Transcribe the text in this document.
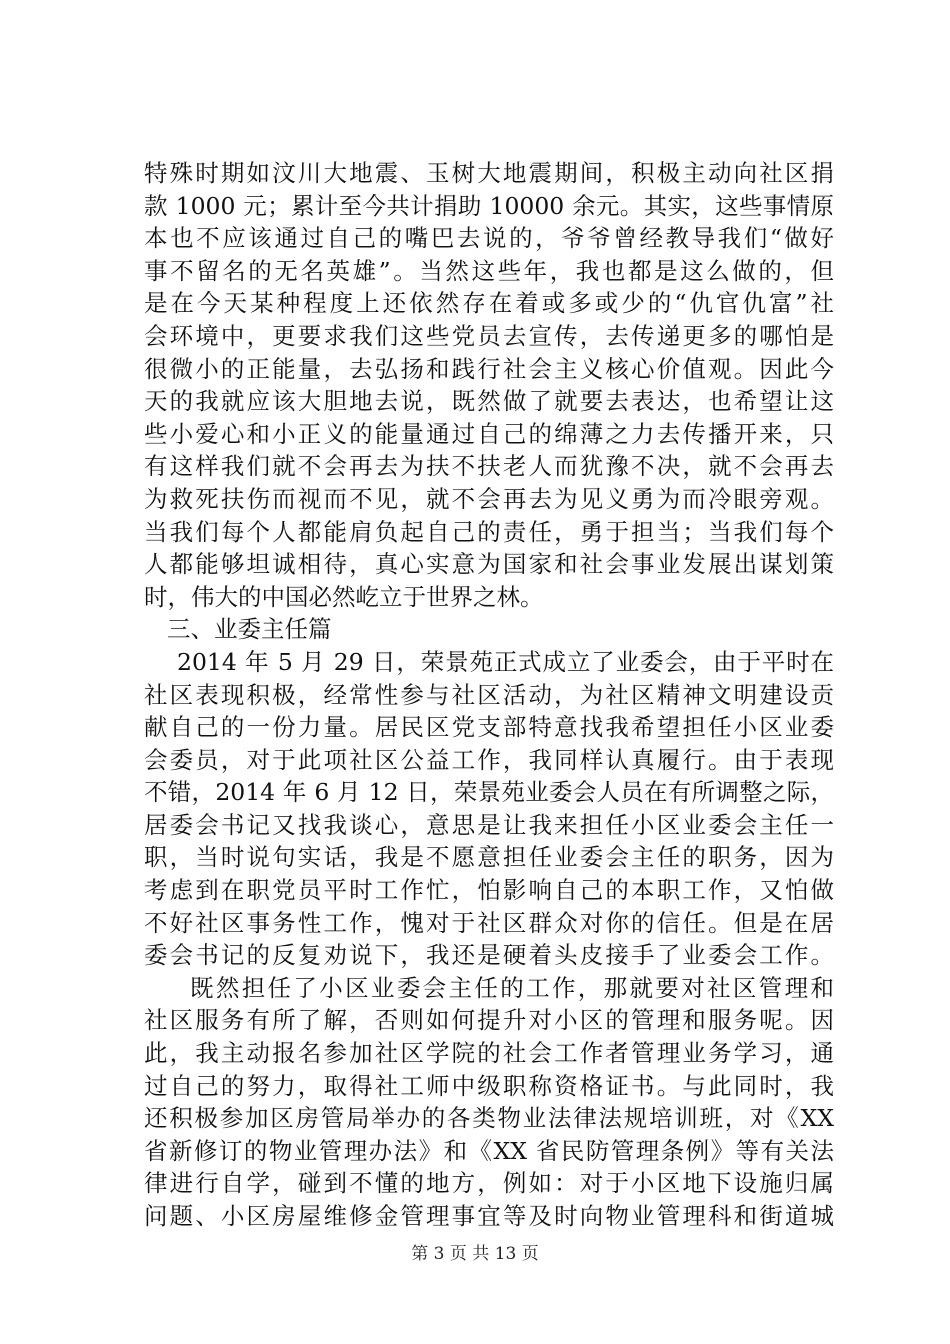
特殊时期如汶川大地震、玉树大地震期间，积极主动向社区捐
款 1000 元；累计至今共计捐助 10000 余元。其实，这些事情原
本也不应该通过自己的嘴巴去说的，爷爷曾经教导我们“做好
事不留名的无名英雄”。当然这些年，我也都是这么做的，但
是在今天某种程度上还依然存在着或多或少的“仇官仇富”社
会环境中，更要求我们这些党员去宣传，去传递更多的哪怕是
很微小的正能量，去弘扬和践行社会主义核心价值观。因此今
天的我就应该大胆地去说，既然做了就要去表达，也希望让这
些小爱心和小正义的能量通过自己的绵薄之力去传播开来，只
有这样我们就不会再去为扶不扶老人而犹豫不决，就不会再去
为救死扶伤而视而不见，就不会再去为见义勇为而冷眼旁观。
当我们每个人都能肩负起自己的责任，勇于担当；当我们每个
人都能够坦诚相待，真心实意为国家和社会事业发展出谋划策
时，伟大的中国必然屹立于世界之林。
三、业委主任篇
2014 年 5 月 29 日，荣景苑正式成立了业委会，由于平时在
社区表现积极，经常性参与社区活动，为社区精神文明建设贡
献自己的一份力量。居民区党支部特意找我希望担任小区业委
会委员，对于此项社区公益工作，我同样认真履行。由于表现
不错，2014 年 6 月 12 日，荣景苑业委会人员在有所调整之际，
居委会书记又找我谈心，意思是让我来担任小区业委会主任一
职，当时说句实话，我是不愿意担任业委会主任的职务，因为
考虑到在职党员平时工作忙，怕影响自己的本职工作，又怕做
不好社区事务性工作，愧对于社区群众对你的信任。但是在居
委会书记的反复劝说下，我还是硬着头皮接手了业委会工作。
既然担任了小区业委会主任的工作，那就要对社区管理和
社区服务有所了解，否则如何提升对小区的管理和服务呢。因
此，我主动报名参加社区学院的社会工作者管理业务学习，通
过自己的努力，取得社工师中级职称资格证书。与此同时，我
还积极参加区房管局举办的各类物业法律法规培训班，对《XX
省新修订的物业管理办法》和《XX 省民防管理条例》等有关法
律进行自学，碰到不懂的地方，例如：对于小区地下设施归属
问题、小区房屋维修金管理事宜等及时向物业管理科和街道城
第 3 页 共 13 页
